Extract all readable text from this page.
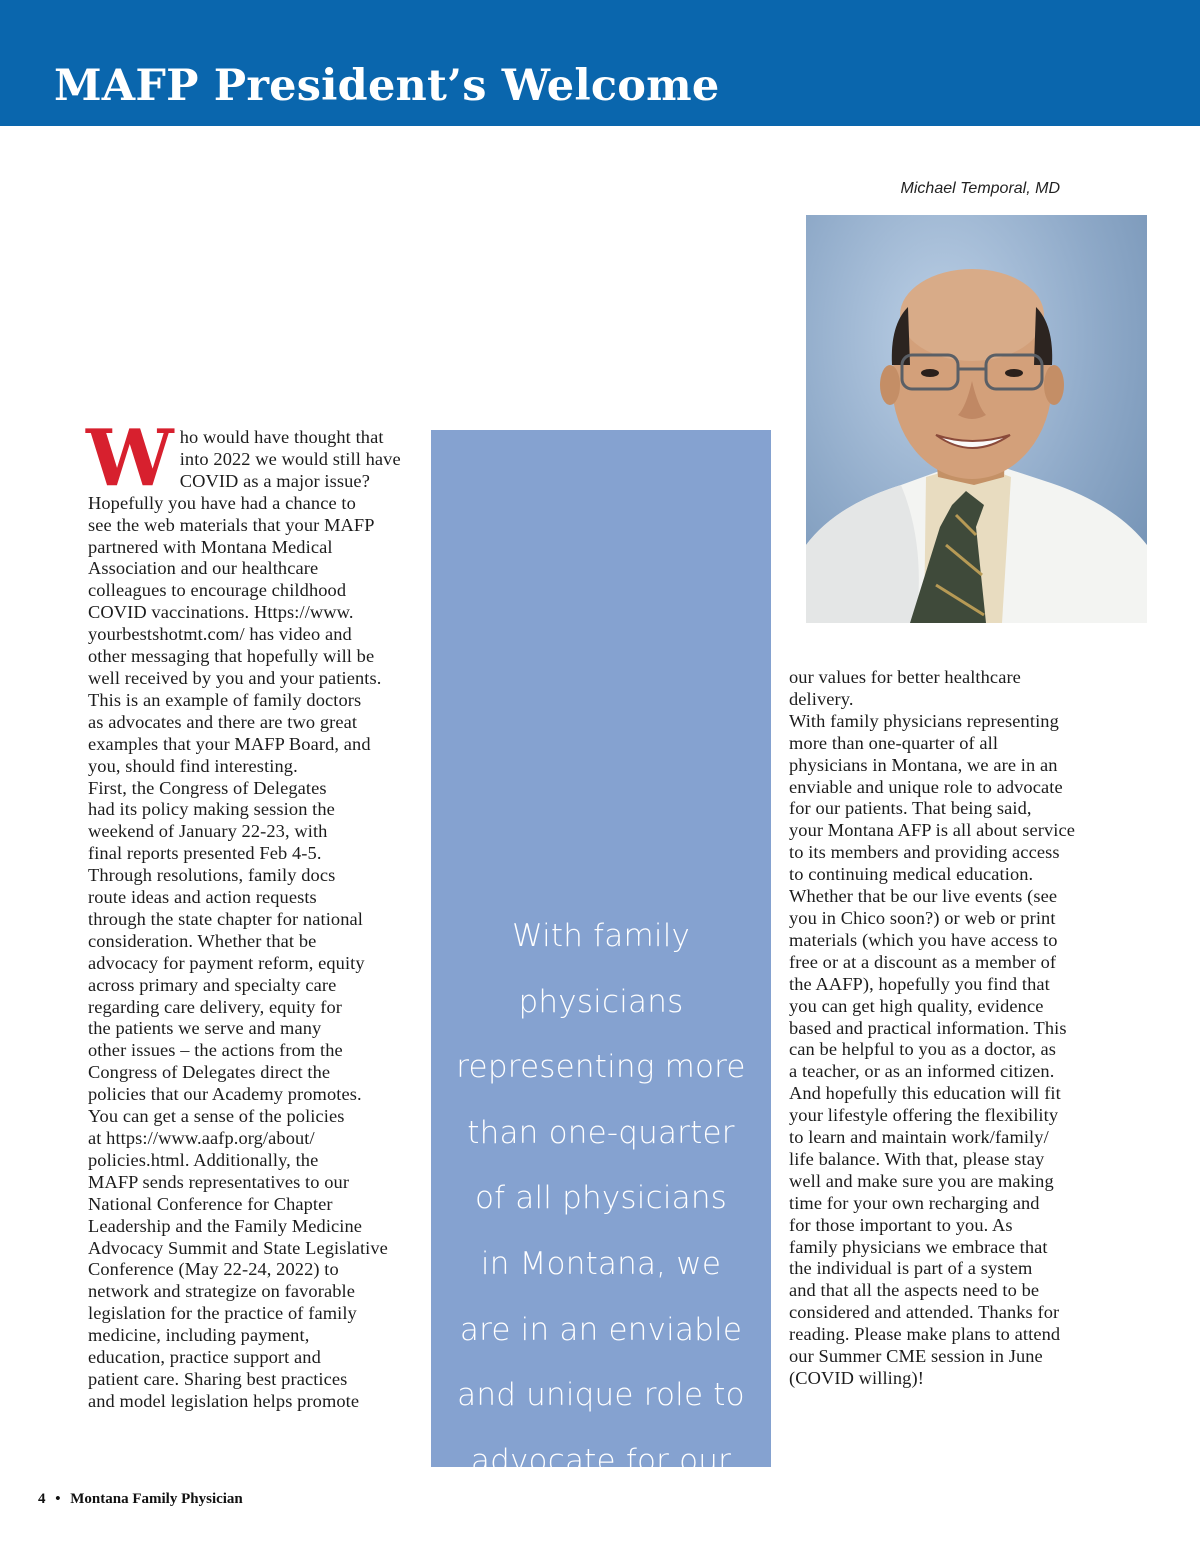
MAFP President’s Welcome
Michael Temporal, MD
Who would have thought that
into 2022 we would still have
COVID as a major issue?
Hopefully you have had a chance to
see the web materials that your MAFP
partnered with Montana Medical
Association and our healthcare
colleagues to encourage childhood
COVID vaccinations. Https://www.
yourbestshotmt.com/ has video and
other messaging that hopefully will be
well received by you and your patients.
This is an example of family doctors
as advocates and there are two great
examples that your MAFP Board, and
you, should find interesting.
First, the Congress of Delegates
had its policy making session the
weekend of January 22-23, with
final reports presented Feb 4-5.
Through resolutions, family docs
route ideas and action requests
through the state chapter for national
consideration. Whether that be
advocacy for payment reform, equity
across primary and specialty care
regarding care delivery, equity for
the patients we serve and many
other issues – the actions from the
Congress of Delegates direct the
policies that our Academy promotes.
You can get a sense of the policies
at https://www.aafp.org/about/
policies.html. Additionally, the
MAFP sends representatives to our
National Conference for Chapter
Leadership and the Family Medicine
Advocacy Summit and State Legislative
Conference (May 22-24, 2022) to
network and strategize on favorable
legislation for the practice of family
medicine, including payment,
education, practice support and
patient care. Sharing best practices
and model legislation helps promote
With family
physicians
representing more
than one-quarter
of all physicians
in Montana, we
are in an enviable
and unique role to
advocate for our
patients.
our values for better healthcare
delivery.
With family physicians representing
more than one-quarter of all
physicians in Montana, we are in an
enviable and unique role to advocate
for our patients. That being said,
your Montana AFP is all about service
to its members and providing access
to continuing medical education.
Whether that be our live events (see
you in Chico soon?) or web or print
materials (which you have access to
free or at a discount as a member of
the AAFP), hopefully you find that
you can get high quality, evidence
based and practical information. This
can be helpful to you as a doctor, as
a teacher, or as an informed citizen.
And hopefully this education will fit
your lifestyle offering the flexibility
to learn and maintain work/family/
life balance. With that, please stay
well and make sure you are making
time for your own recharging and
for those important to you. As
family physicians we embrace that
the individual is part of a system
and that all the aspects need to be
considered and attended. Thanks for
reading. Please make plans to attend
our Summer CME session in June
(COVID willing)!
4 • Montana Family Physician
